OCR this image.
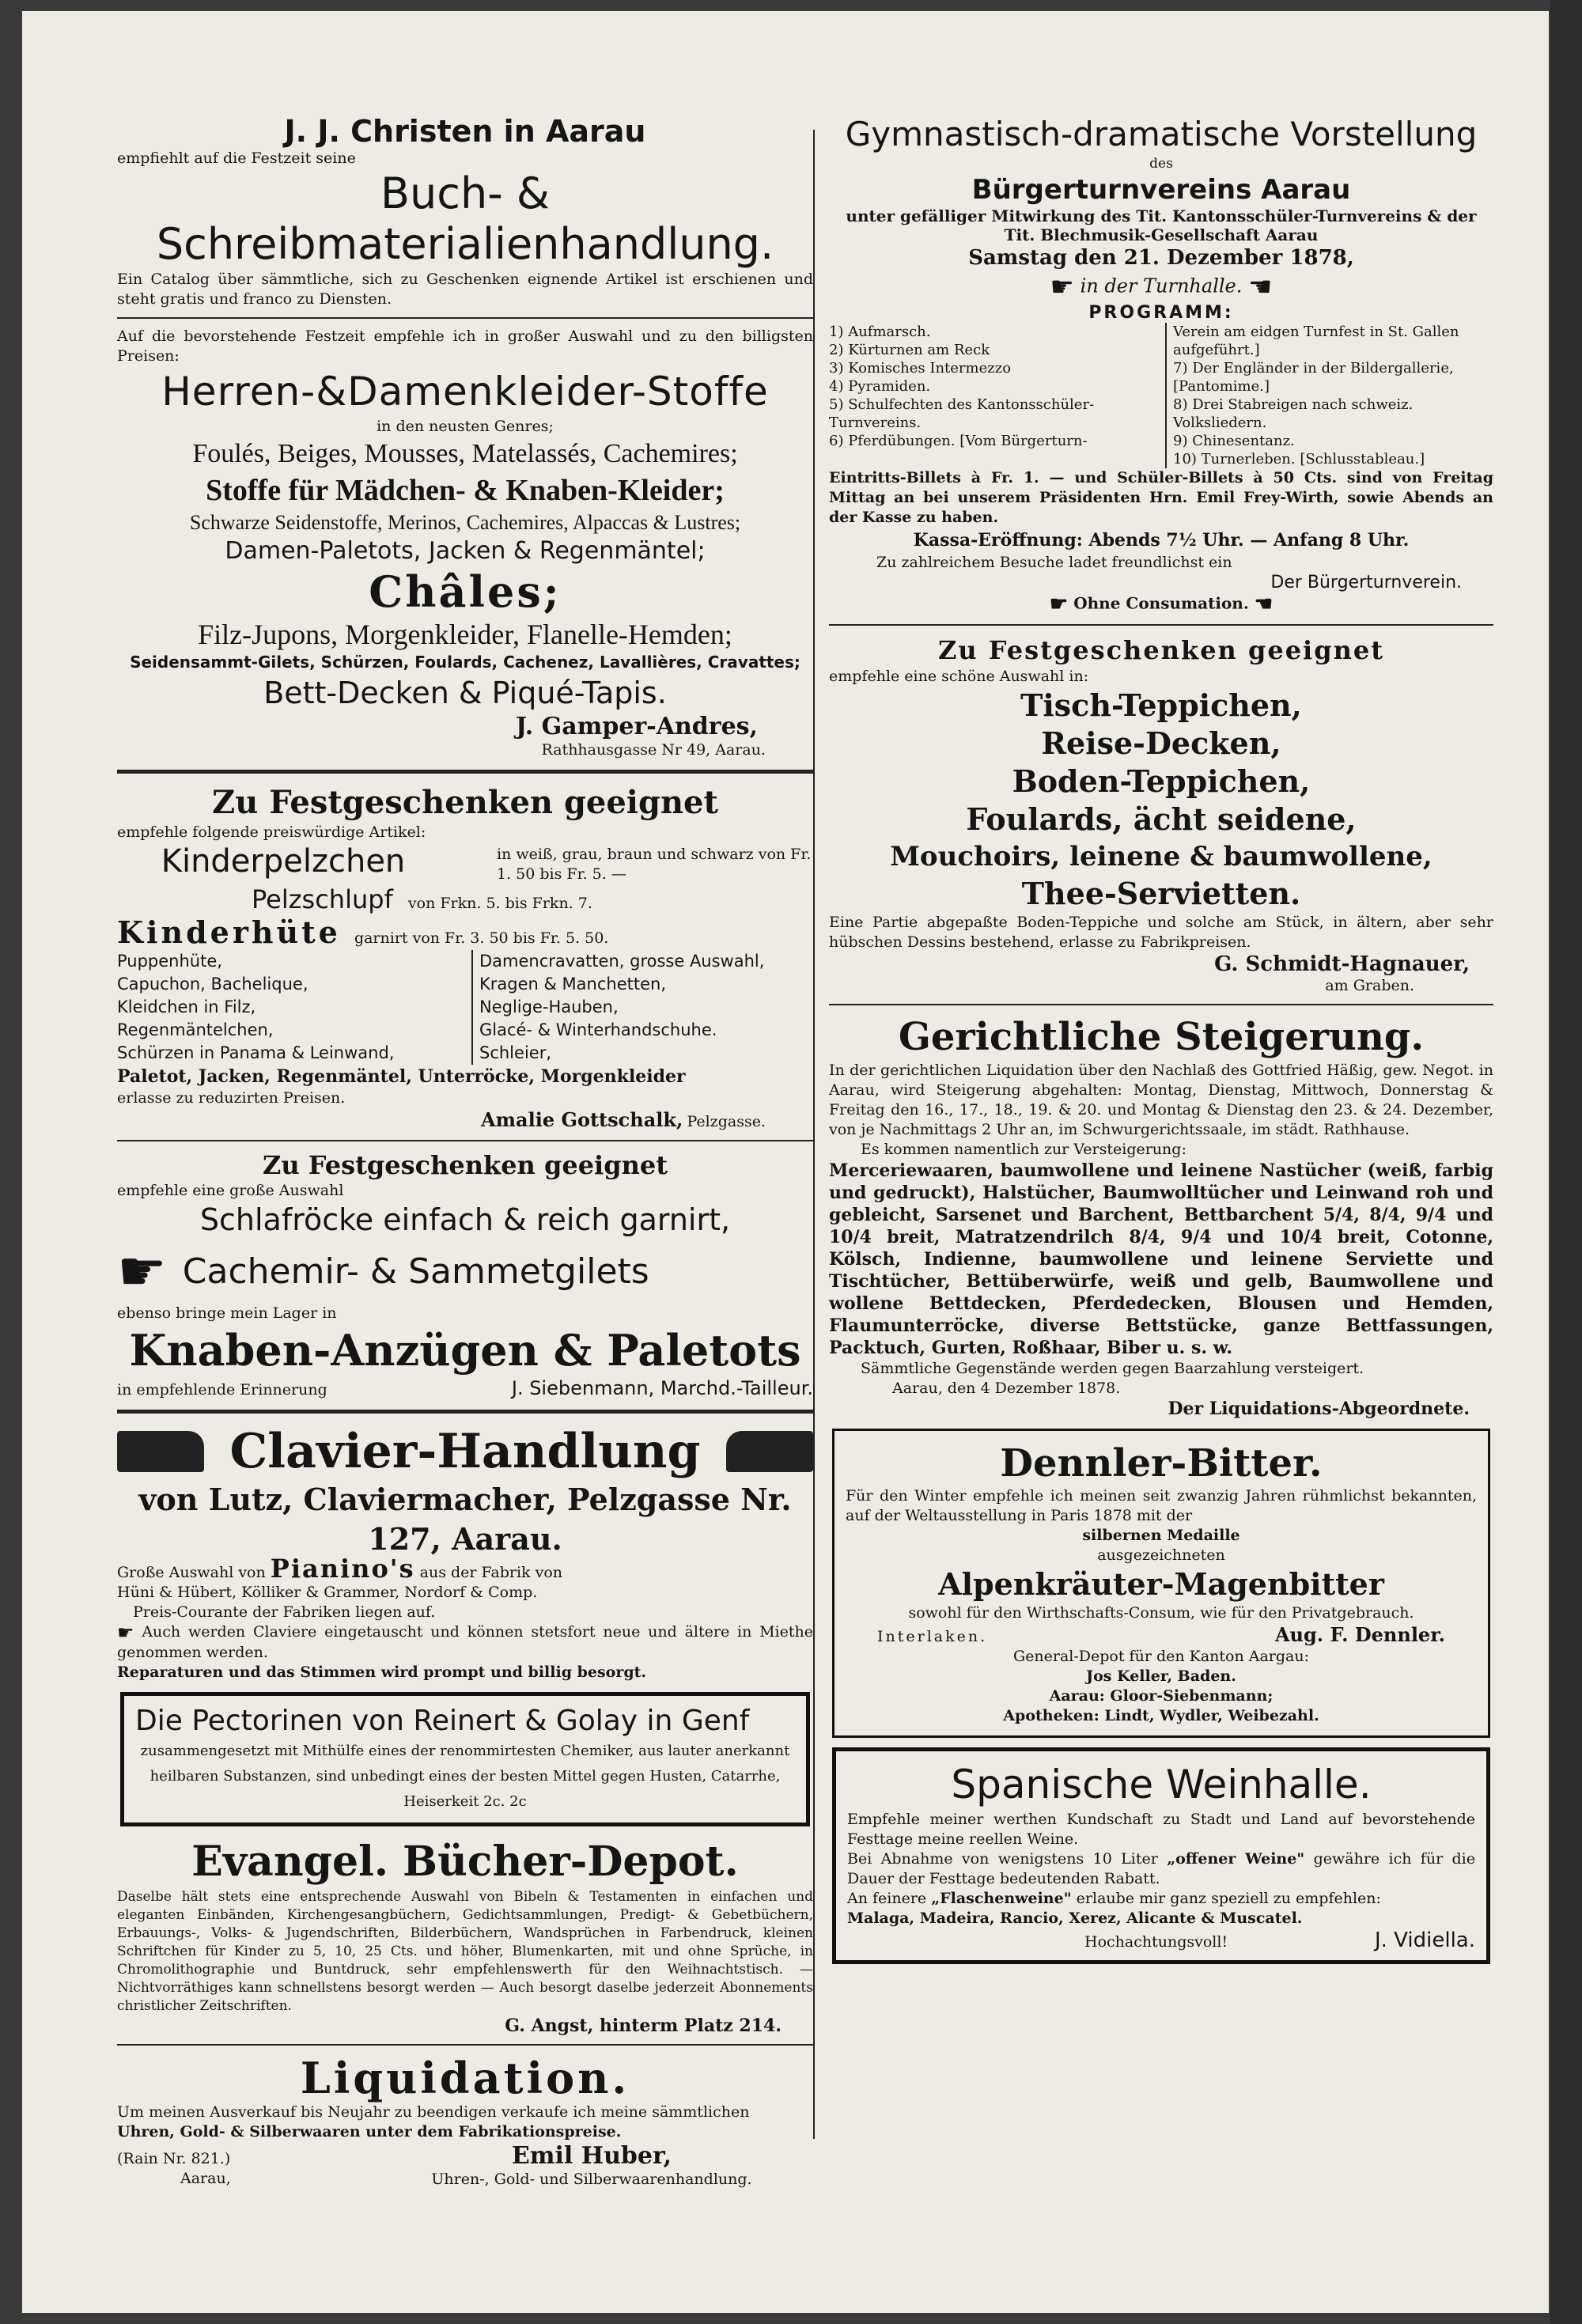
J. J. Christen in Aarau
empfiehlt auf die Festzeit seine
Buch- & Schreibmaterialienhandlung.
Ein Catalog über sämmtliche, sich zu Geschenken eignende Artikel ist erschienen und steht gratis und franco zu Diensten.
Auf die bevorstehende Festzeit empfehle ich in großer Auswahl und zu den billigsten Preisen:
Herren-&Damenkleider-Stoffe
in den neusten Genres;
Foulés, Beiges, Mousses, Matelassés, Cachemires;
Stoffe für Mädchen- & Knaben-Kleider;
Schwarze Seidenstoffe, Merinos, Cachemires, Alpaccas & Lustres;
Damen-Paletots, Jacken & Regenmäntel;
Châles;
Filz-Jupons, Morgenkleider, Flanelle-Hemden;
Seidensammt-Gilets, Schürzen, Foulards, Cachenez, Lavallières, Cravattes;
Bett-Decken & Piqué-Tapis.
J. Gamper-Andres,
Rathhausgasse Nr 49, Aarau.
Zu Festgeschenken geeignet
empfehle folgende preiswürdige Artikel:
Kinderpelzchen	in weiß, grau, braun und schwarz von Fr. 1. 50 bis Fr. 5. —
Pelzschlupf von Frkn. 5. bis Frkn. 7.
Kinderhüte garnirt von Fr. 3. 50 bis Fr. 5. 50.
Puppenhüte,
Capuchon, Bachelique,
Kleidchen in Filz,
Regenmäntelchen,
Schürzen in Panama & Leinwand,
Damencravatten, grosse Auswahl,
Kragen & Manchetten,
Neglige-Hauben,
Glacé- & Winterhandschuhe.
Schleier,
Paletot, Jacken, Regenmäntel, Unterröcke, Morgenkleider
erlasse zu reduzirten Preisen.
Amalie Gottschalk, Pelzgasse.
Zu Festgeschenken geeignet
empfehle eine große Auswahl
Schlafröcke einfach & reich garnirt,
☛ Cachemir- & Sammetgilets
ebenso bringe mein Lager in
Knaben-Anzügen & Paletots
in empfehlende Erinnerung	J. Siebenmann, Marchd.-Tailleur.
Clavier-Handlung
von Lutz, Claviermacher, Pelzgasse Nr. 127, Aarau.
Große Auswahl von Pianino's aus der Fabrik von
Hüni & Hübert, Kölliker & Grammer, Nordorf & Comp.
Preis-Courante der Fabriken liegen auf.
☛ Auch werden Claviere eingetauscht und können stetsfort neue und ältere in Miethe genommen werden.
Reparaturen und das Stimmen wird prompt und billig besorgt.
Die Pectorinen von Reinert & Golay in Genf
zusammengesetzt mit Mithülfe eines der renommirtesten Chemiker, aus lauter anerkannt heilbaren Substanzen, sind unbedingt eines der besten Mittel gegen Husten, Catarrhe, Heiserkeit 2c. 2c
Evangel. Bücher-Depot.
Daselbe hält stets eine entsprechende Auswahl von Bibeln & Testamenten in einfachen und eleganten Einbänden, Kirchengesangbüchern, Gedichtsammlungen, Predigt- & Gebetbüchern, Erbauungs-, Volks- & Jugendschriften, Bilderbüchern, Wandsprüchen in Farbendruck, kleinen Schriftchen für Kinder zu 5, 10, 25 Cts. und höher, Blumenkarten, mit und ohne Sprüche, in Chromolithographie und Buntdruck, sehr empfehlenswerth für den Weihnachtstisch. — Nichtvorräthiges kann schnellstens besorgt werden — Auch besorgt daselbe jederzeit Abonnements christlicher Zeitschriften.
G. Angst, hinterm Platz 214.
Liquidation.
Um meinen Ausverkauf bis Neujahr zu beendigen verkaufe ich meine sämmtlichen
Uhren, Gold- & Silberwaaren unter dem Fabrikationspreise.
(Rain Nr. 821.)
Aarau,
Emil Huber,
Uhren-, Gold- und Silberwaarenhandlung.
Gymnastisch-dramatische Vorstellung
des
Bürgerturnvereins Aarau
unter gefälliger Mitwirkung des Tit. Kantonsschüler-Turnvereins & der Tit. Blechmusik-Gesellschaft Aarau
Samstag den 21. Dezember 1878,
☛ in der Turnhalle. ☚
PROGRAMM:
1) Aufmarsch.
2) Kürturnen am Reck
3) Komisches Intermezzo
4) Pyramiden.
5) Schulfechten des Kantonsschüler-Turnvereins.
6) Pferdübungen. [Vom Bürgerturn-
Verein am eidgen Turnfest in St. Gallen aufgeführt.]
7) Der Engländer in der Bildergallerie, [Pantomime.]
8) Drei Stabreigen nach schweiz. Volksliedern.
9) Chinesentanz.
10) Turnerleben. [Schlusstableau.]
Eintritts-Billets à Fr. 1. — und Schüler-Billets à 50 Cts. sind von Freitag Mittag an bei unserem Präsidenten Hrn. Emil Frey-Wirth, sowie Abends an der Kasse zu haben.
Kassa-Eröffnung: Abends 7½ Uhr. — Anfang 8 Uhr.
Zu zahlreichem Besuche ladet freundlichst ein
Der Bürgerturnverein.
☛ Ohne Consumation. ☚
Zu Festgeschenken geeignet
empfehle eine schöne Auswahl in:
Tisch-Teppichen,
Reise-Decken,
Boden-Teppichen,
Foulards, ächt seidene,
Mouchoirs, leinene & baumwollene,
Thee-Servietten.
Eine Partie abgepaßte Boden-Teppiche und solche am Stück, in ältern, aber sehr hübschen Dessins bestehend, erlasse zu Fabrikpreisen.
G. Schmidt-Hagnauer,
am Graben.
Gerichtliche Steigerung.
In der gerichtlichen Liquidation über den Nachlaß des Gottfried Häßig, gew. Negot. in Aarau, wird Steigerung abgehalten: Montag, Dienstag, Mittwoch, Donnerstag & Freitag den 16., 17., 18., 19. & 20. und Montag & Dienstag den 23. & 24. Dezember, von je Nachmittags 2 Uhr an, im Schwurgerichtssaale, im städt. Rathhause.
Es kommen namentlich zur Versteigerung:
Merceriewaaren, baumwollene und leinene Nastücher (weiß, farbig und gedruckt), Halstücher, Baumwolltücher und Leinwand roh und gebleicht, Sarsenet und Barchent, Bettbarchent 5/4, 8/4, 9/4 und 10/4 breit, Matratzendrilch 8/4, 9/4 und 10/4 breit, Cotonne, Kölsch, Indienne, baumwollene und leinene Serviette und Tischtücher, Bettüberwürfe, weiß und gelb, Baumwollene und wollene Bettdecken, Pferdedecken, Blousen und Hemden, Flaumunterröcke, diverse Bettstücke, ganze Bettfassungen, Packtuch, Gurten, Roßhaar, Biber u. s. w.
Sämmtliche Gegenstände werden gegen Baarzahlung versteigert.
Aarau, den 4 Dezember 1878.
Der Liquidations-Abgeordnete.
Dennler-Bitter.
Für den Winter empfehle ich meinen seit zwanzig Jahren rühmlichst bekannten, auf der Weltausstellung in Paris 1878 mit der
silbernen Medaille
ausgezeichneten
Alpenkräuter-Magenbitter
sowohl für den Wirthschafts-Consum, wie für den Privatgebrauch.
Interlaken.	Aug. F. Dennler.
General-Depot für den Kanton Aargau:
Jos Keller, Baden.
Aarau: Gloor-Siebenmann;
Apotheken: Lindt, Wydler, Weibezahl.
Spanische Weinhalle.
Empfehle meiner werthen Kundschaft zu Stadt und Land auf bevorstehende Festtage meine reellen Weine.
Bei Abnahme von wenigstens 10 Liter „offener Weine" gewähre ich für die Dauer der Festtage bedeutenden Rabatt.
An feinere „Flaschenweine" erlaube mir ganz speziell zu empfehlen:
Malaga, Madeira, Rancio, Xerez, Alicante & Muscatel.
Hochachtungsvoll!	J. Vidiella.
